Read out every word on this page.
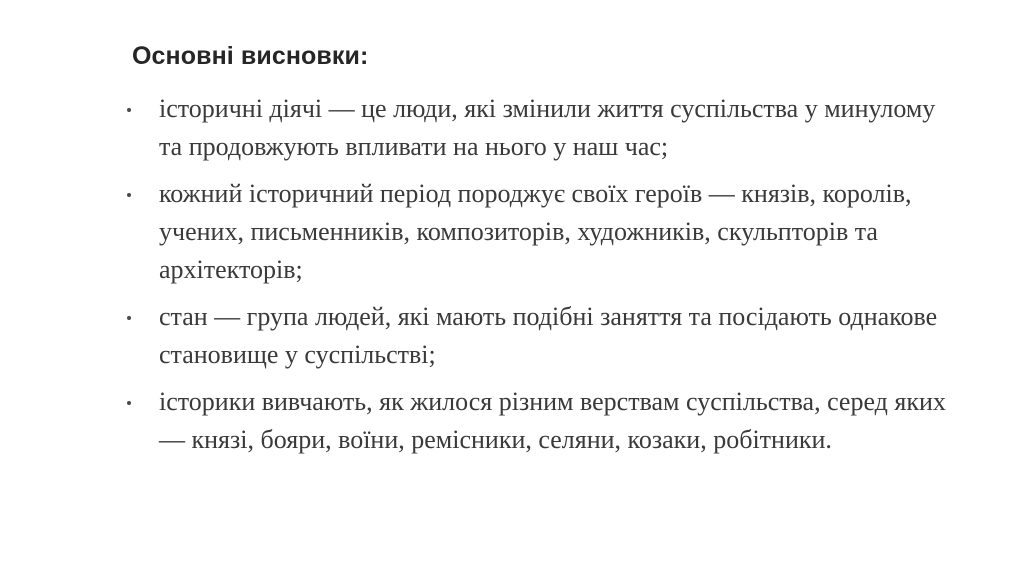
Основні висновки:
історичні діячі — це люди, які змінили життя суспільства у минулому та продовжують впливати на нього у наш час;
кожний історичний період породжує своїх героїв — князів, королів, учених, письменників, композиторів, художників, скульпторів та архітекторів;
стан — група людей, які мають подібні заняття та посідають однакове становище у суспільстві;
історики вивчають, як жилося різним верствам суспільства, серед яких — князі, бояри, воїни, ремісники, селяни, козаки, робітники.
